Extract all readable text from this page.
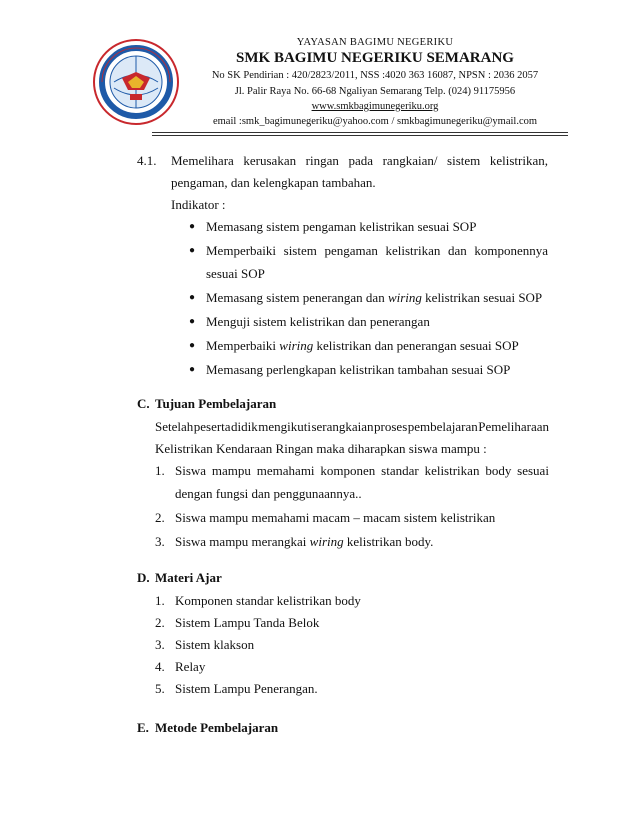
YAYASAN BAGIMU NEGERIKU
SMK BAGIMU NEGERIKU SEMARANG
No SK Pendirian : 420/2823/2011, NSS :4020 363 16087, NPSN : 2036 2057
Jl. Palir Raya No. 66-68 Ngaliyan Semarang Telp. (024) 91175956
www.smkbagimunegeriku.org
email :smk_bagimunegeriku@yahoo.com / smkbagimunegeriku@ymail.com
4.1. Memelihara kerusakan ringan pada rangkaian/ sistem kelistrikan,
pengaman, dan kelengkapan tambahan.
Indikator :
● Memasang sistem pengaman kelistrikan sesuai SOP
● Memperbaiki sistem pengaman kelistrikan dan komponennya
sesuai SOP
● Memasang sistem penerangan dan wiring kelistrikan sesuai SOP
● Menguji sistem kelistrikan dan penerangan
● Memperbaiki wiring kelistrikan dan penerangan sesuai SOP
● Memasang perlengkapan kelistrikan tambahan sesuai SOP
C. Tujuan Pembelajaran
Setelah peserta didik mengikuti serangkaian proses pembelajaran Pemeliharaan
Kelistrikan Kendaraan Ringan maka diharapkan siswa mampu :
1. Siswa mampu memahami komponen standar kelistrikan body sesuai
dengan fungsi dan penggunaannya..
2. Siswa mampu memahami macam – macam sistem kelistrikan
3. Siswa mampu merangkai wiring kelistrikan body.
D. Materi Ajar
1. Komponen standar kelistrikan body
2. Sistem Lampu Tanda Belok
3. Sistem klakson
4. Relay
5. Sistem Lampu Penerangan.
E. Metode Pembelajaran
